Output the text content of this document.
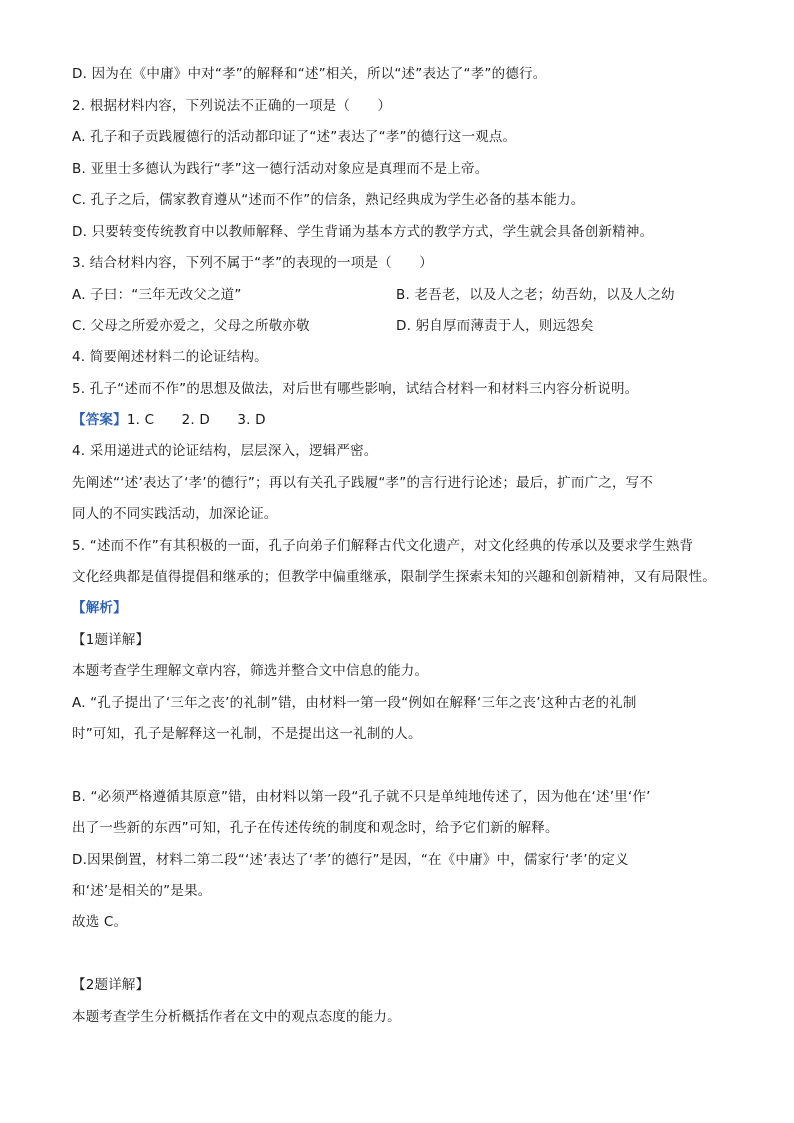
D. 因为在《中庸》中对“孝”的解释和“述”相关，所以“述”表达了“孝”的德行。
2. 根据材料内容，下列说法不正确的一项是（　　）
A. 孔子和子贡践履德行的活动都印证了“述”表达了“孝”的德行这一观点。
B. 亚里士多德认为践行“孝”这一德行活动对象应是真理而不是上帝。
C. 孔子之后，儒家教育遵从“述而不作”的信条，熟记经典成为学生必备的基本能力。
D. 只要转变传统教育中以教师解释、学生背诵为基本方式的教学方式，学生就会具备创新精神。
3. 结合材料内容，下列不属于“孝”的表现的一项是（　　）
A. 子曰：“三年无改父之道”	B. 老吾老，以及人之老；幼吾幼，以及人之幼
C. 父母之所爱亦爱之，父母之所敬亦敬	D. 躬自厚而薄责于人，则远怨矣
4. 简要阐述材料二的论证结构。
5. 孔子“述而不作”的思想及做法，对后世有哪些影响，试结合材料一和材料三内容分析说明。
【答案】1. C　　2. D　　3. D
4. 采用递进式的论证结构，层层深入，逻辑严密。
先阐述“‘述’表达了‘孝’的德行”；再以有关孔子践履“孝”的言行进行论述；最后，扩而广之，写不
同人的不同实践活动，加深论证。
5. “述而不作”有其积极的一面，孔子向弟子们解释古代文化遗产，对文化经典的传承以及要求学生熟背
文化经典都是值得提倡和继承的；但教学中偏重继承，限制学生探索未知的兴趣和创新精神，又有局限性。
【解析】
【1题详解】
本题考查学生理解文章内容，筛选并整合文中信息的能力。
A. “孔子提出了‘三年之丧’的礼制”错，由材料一第一段“例如在解释‘三年之丧’这种古老的礼制
时”可知，孔子是解释这一礼制，不是提出这一礼制的人。
B. “必须严格遵循其原意”错，由材料以第一段“孔子就不只是单纯地传述了，因为他在‘述’里‘作’
出了一些新的东西”可知，孔子在传述传统的制度和观念时，给予它们新的解释。
D.因果倒置，材料二第二段“‘述’表达了‘孝’的德行”是因，“在《中庸》中，儒家行‘孝’的定义
和‘述’是相关的”是果。
故选 C。
【2题详解】
本题考查学生分析概括作者在文中的观点态度的能力。
